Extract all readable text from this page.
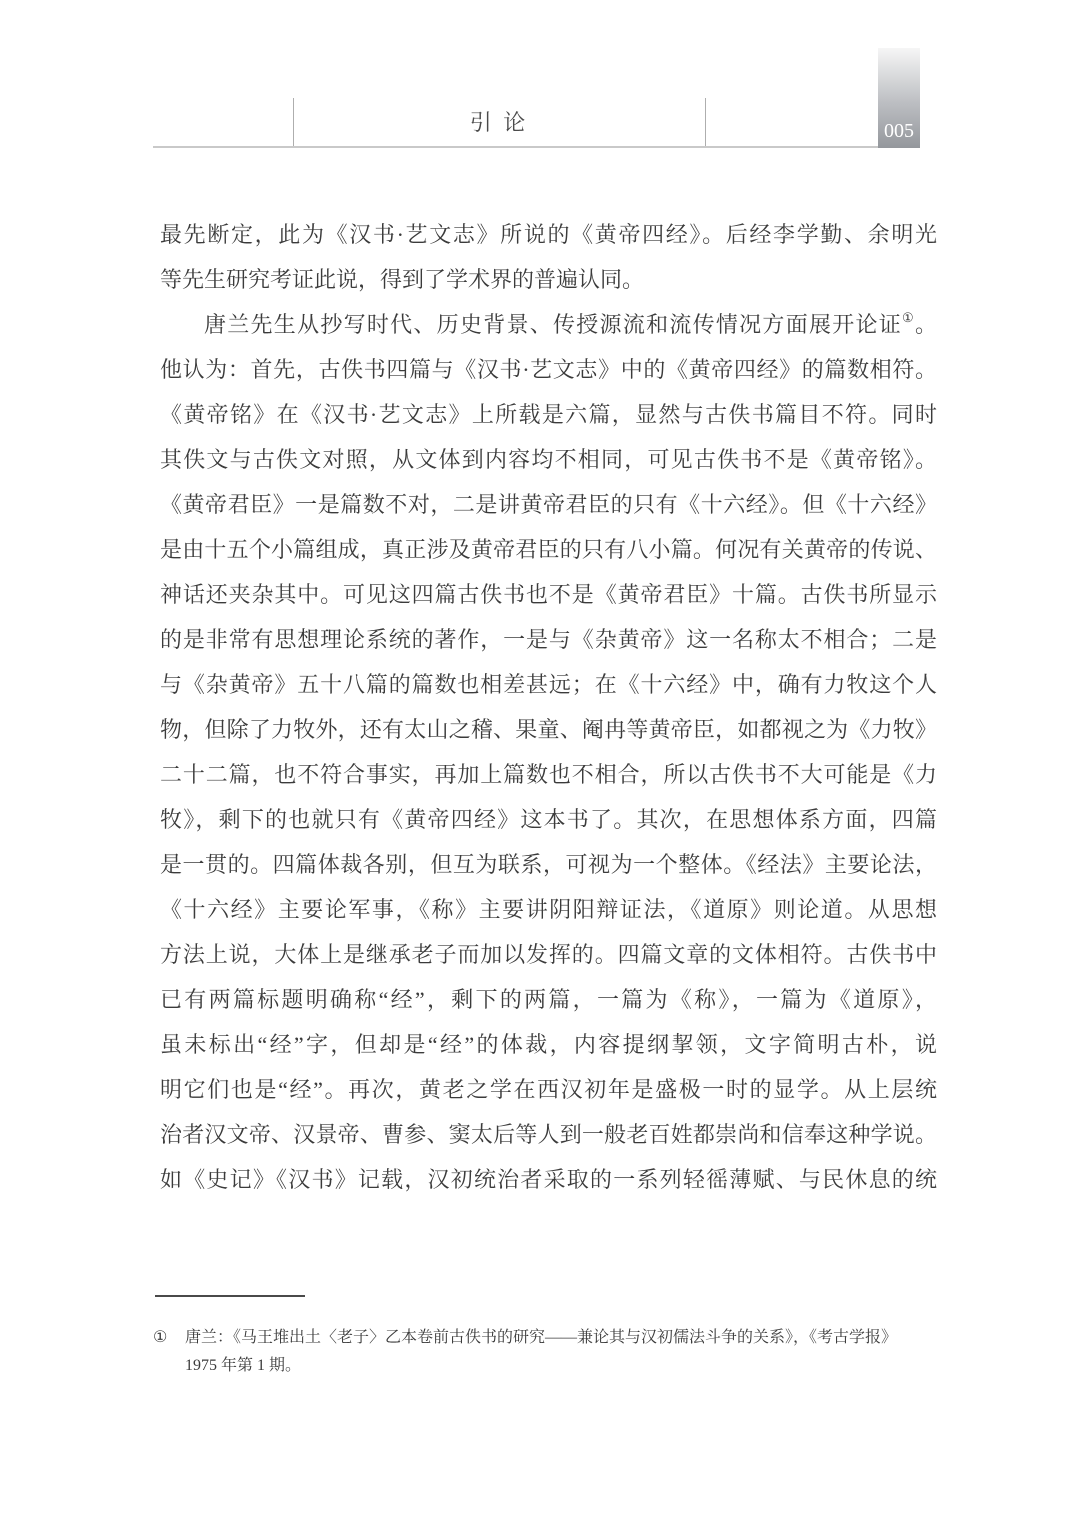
引 论	005
最先断定，此为《汉书·艺文志》所说的《黄帝四经》。后经李学勤、余明光
等先生研究考证此说，得到了学术界的普遍认同。
唐兰先生从抄写时代、历史背景、传授源流和流传情况方面展开论证①。
他认为：首先，古佚书四篇与《汉书·艺文志》中的《黄帝四经》的篇数相符。
《黄帝铭》在《汉书·艺文志》上所载是六篇，显然与古佚书篇目不符。同时
其佚文与古佚文对照，从文体到内容均不相同，可见古佚书不是《黄帝铭》。
《黄帝君臣》一是篇数不对，二是讲黄帝君臣的只有《十六经》。但《十六经》
是由十五个小篇组成，真正涉及黄帝君臣的只有八小篇。何况有关黄帝的传说、
神话还夹杂其中。可见这四篇古佚书也不是《黄帝君臣》十篇。古佚书所显示
的是非常有思想理论系统的著作，一是与《杂黄帝》这一名称太不相合；二是
与《杂黄帝》五十八篇的篇数也相差甚远；在《十六经》中，确有力牧这个人
物，但除了力牧外，还有太山之稽、果童、阉冉等黄帝臣，如都视之为《力牧》
二十二篇，也不符合事实，再加上篇数也不相合，所以古佚书不大可能是《力
牧》，剩下的也就只有《黄帝四经》这本书了。其次，在思想体系方面，四篇
是一贯的。四篇体裁各别，但互为联系，可视为一个整体。《经法》主要论法，
《十六经》主要论军事，《称》主要讲阴阳辩证法，《道原》则论道。从思想
方法上说，大体上是继承老子而加以发挥的。四篇文章的文体相符。古佚书中
已有两篇标题明确称“经”，剩下的两篇，一篇为《称》，一篇为《道原》，
虽未标出“经”字，但却是“经”的体裁，内容提纲挈领，文字简明古朴，说
明它们也是“经”。再次，黄老之学在西汉初年是盛极一时的显学。从上层统
治者汉文帝、汉景帝、曹参、窦太后等人到一般老百姓都崇尚和信奉这种学说。
如《史记》《汉书》记载，汉初统治者采取的一系列轻徭薄赋、与民休息的统
① 唐兰：《马王堆出土〈老子〉乙本卷前古佚书的研究——兼论其与汉初儒法斗争的关系》，《考古学报》
1975 年第 1 期。
